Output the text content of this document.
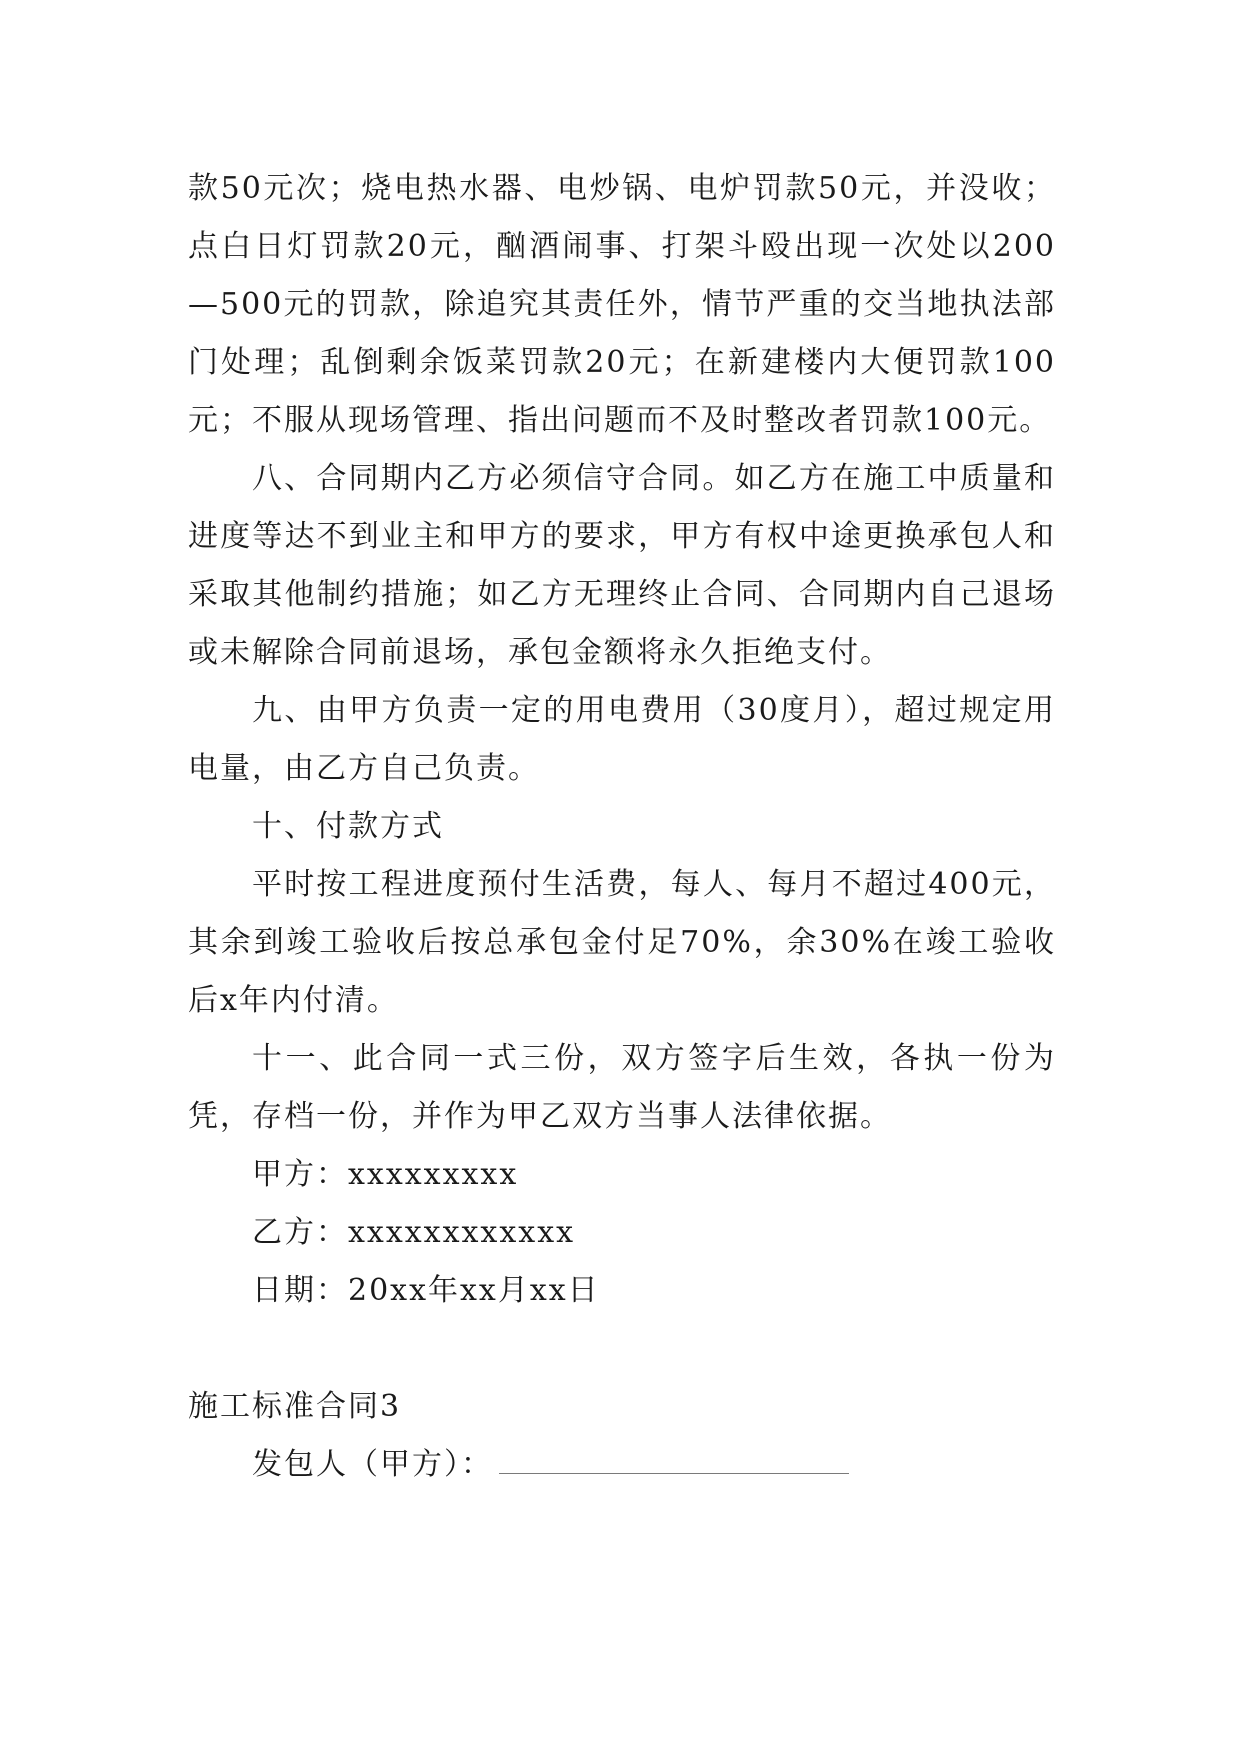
款50元次；烧电热水器、电炒锅、电炉罚款50元，并没收；点白日灯罚款20元，酗酒闹事、打架斗殴出现一次处以200—500元的罚款，除追究其责任外，情节严重的交当地执法部门处理；乱倒剩余饭菜罚款20元；在新建楼内大便罚款100元；不服从现场管理、指出问题而不及时整改者罚款100元。

八、合同期内乙方必须信守合同。如乙方在施工中质量和进度等达不到业主和甲方的要求，甲方有权中途更换承包人和采取其他制约措施；如乙方无理终止合同、合同期内自己退场或未解除合同前退场，承包金额将永久拒绝支付。

九、由甲方负责一定的用电费用（30度月），超过规定用电量，由乙方自己负责。

十、付款方式

平时按工程进度预付生活费，每人、每月不超过400元，其余到竣工验收后按总承包金付足70%，余30%在竣工验收后x年内付清。

十一、此合同一式三份，双方签字后生效，各执一份为凭，存档一份，并作为甲乙双方当事人法律依据。

甲方：xxxxxxxxx

乙方：xxxxxxxxxxxx

日期：20xx年xx月xx日

施工标准合同3

发包人（甲方）：
